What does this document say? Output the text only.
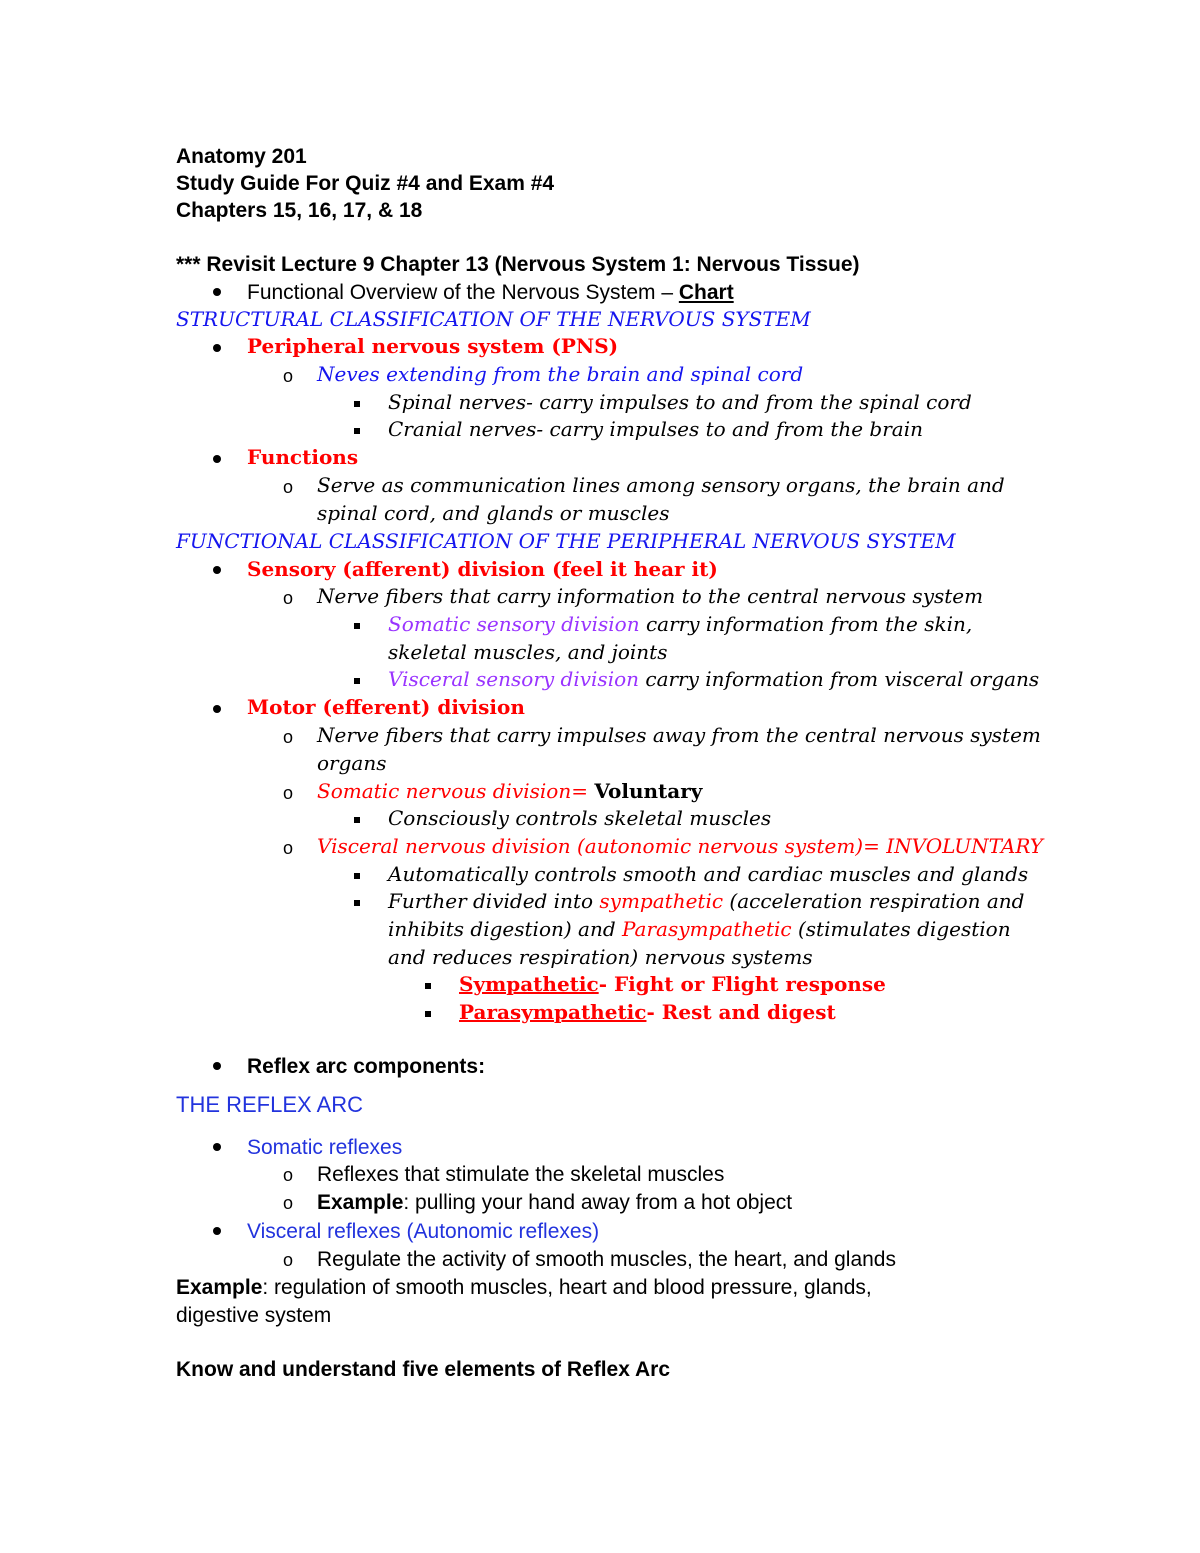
Anatomy 201
Study Guide For Quiz #4 and Exam #4
Chapters 15, 16, 17, & 18
*** Revisit Lecture 9 Chapter 13 (Nervous System 1: Nervous Tissue)
Functional Overview of the Nervous System – Chart
STRUCTURAL CLASSIFICATION OF THE NERVOUS SYSTEM
Peripheral nervous system (PNS)
o Neves extending from the brain and spinal cord
Spinal nerves- carry impulses to and from the spinal cord
Cranial nerves- carry impulses to and from the brain
Functions
o Serve as communication lines among sensory organs, the brain and
spinal cord, and glands or muscles
FUNCTIONAL CLASSIFICATION OF THE PERIPHERAL NERVOUS SYSTEM
Sensory (afferent) division (feel it hear it)
o Nerve fibers that carry information to the central nervous system
Somatic sensory division carry information from the skin,
skeletal muscles, and joints
Visceral sensory division carry information from visceral organs
Motor (efferent) division
o Nerve fibers that carry impulses away from the central nervous system
organs
o Somatic nervous division= Voluntary
Consciously controls skeletal muscles
o Visceral nervous division (autonomic nervous system)= INVOLUNTARY
Automatically controls smooth and cardiac muscles and glands
Further divided into sympathetic (acceleration respiration and
inhibits digestion) and Parasympathetic (stimulates digestion
and reduces respiration) nervous systems
Sympathetic- Fight or Flight response
Parasympathetic- Rest and digest
Reflex arc components:
THE REFLEX ARC
Somatic reflexes
o Reflexes that stimulate the skeletal muscles
o Example: pulling your hand away from a hot object
Visceral reflexes (Autonomic reflexes)
o Regulate the activity of smooth muscles, the heart, and glands
Example: regulation of smooth muscles, heart and blood pressure, glands,
digestive system
Know and understand five elements of Reflex Arc
